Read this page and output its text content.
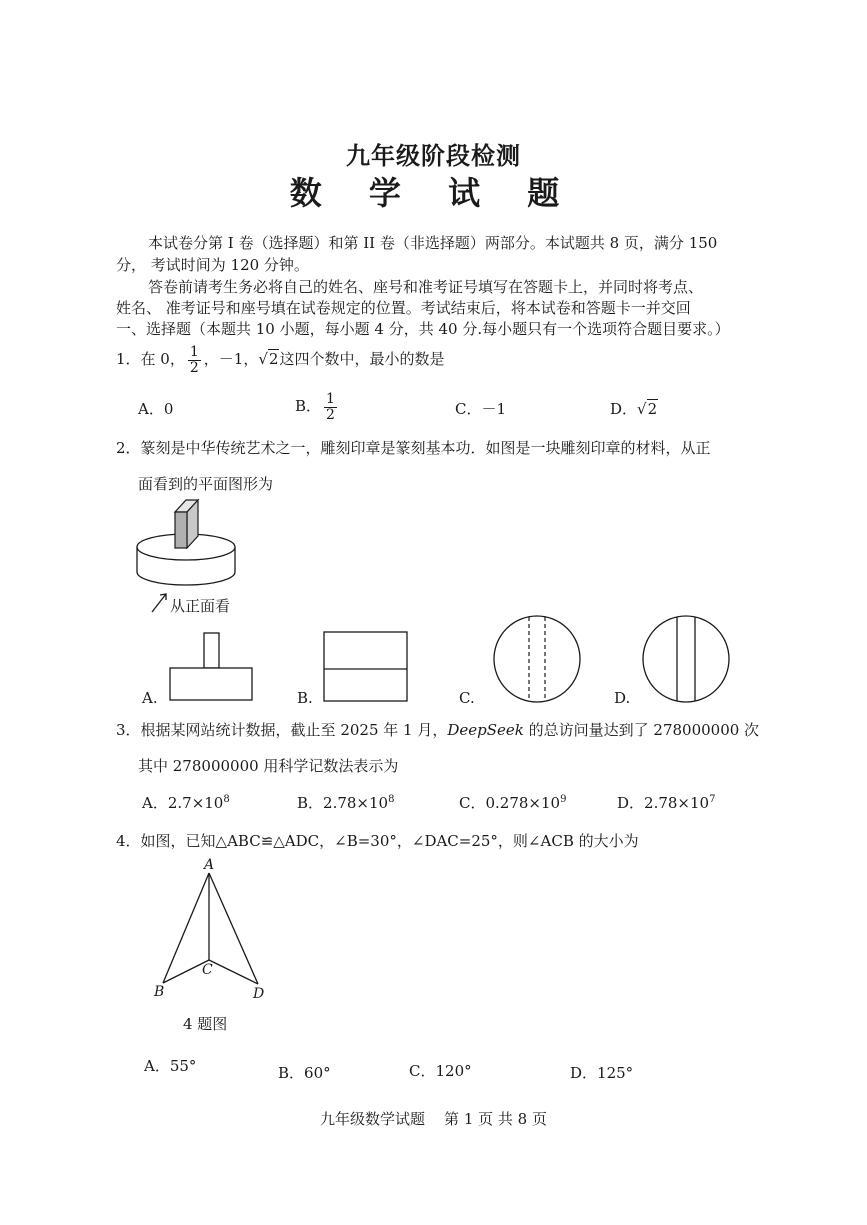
九年级阶段检测
数 学 试 题
本试卷分第 I 卷（选择题）和第 II 卷（非选择题）两部分。本试题共 8 页，满分 150
分， 考试时间为 120 分钟。
答卷前请考生务必将自己的姓名、座号和准考证号填写在答题卡上，并同时将考点、
姓名、 准考证号和座号填在试卷规定的位置。考试结束后，将本试卷和答题卡一并交回
一、选择题（本题共 10 小题，每小题 4 分，共 40 分.每小题只有一个选项符合题目要求。）
1．在 0， $\frac{1}{2}$ ，－1，√2这四个数中，最小的数是
A．0	B． $\frac{1}{2}$	C．－1	D．√2
2．篆刻是中华传统艺术之一，雕刻印章是篆刻基本功．如图是一块雕刻印章的材料，从正
面看到的平面图形为
从正面看
A.	B.	C.	D.
3．根据某网站统计数据，截止至 2025 年 1 月，DeepSeek 的总访问量达到了 278000000 次
其中 278000000 用科学记数法表示为
A．$2.7\times 10^8$	B．$2.78\times 10^8$	C．$0.278\times 10^9$	D．$2.78\times 10^7$
4．如图，已知△ABC≌△ADC，∠B=30°，∠DAC=25°，则∠ACB 的大小为
A
B
C
D
4 题图
A．55°	B．60°	C．120°	D．125°
九年级数学试题    第 1 页 共 8 页
